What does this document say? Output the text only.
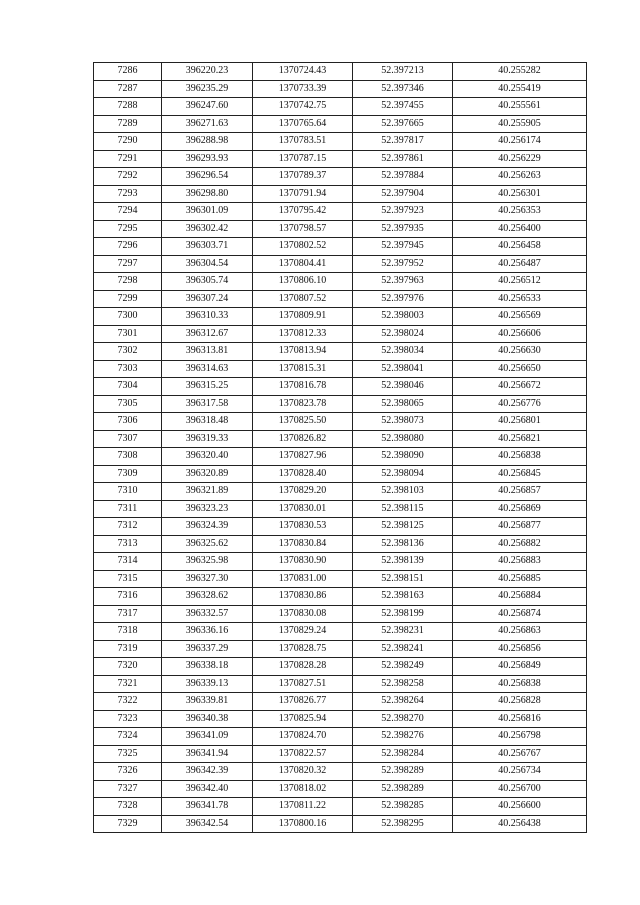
7286	396220.23	1370724.43	52.397213	40.255282
7287	396235.29	1370733.39	52.397346	40.255419
7288	396247.60	1370742.75	52.397455	40.255561
7289	396271.63	1370765.64	52.397665	40.255905
7290	396288.98	1370783.51	52.397817	40.256174
7291	396293.93	1370787.15	52.397861	40.256229
7292	396296.54	1370789.37	52.397884	40.256263
7293	396298.80	1370791.94	52.397904	40.256301
7294	396301.09	1370795.42	52.397923	40.256353
7295	396302.42	1370798.57	52.397935	40.256400
7296	396303.71	1370802.52	52.397945	40.256458
7297	396304.54	1370804.41	52.397952	40.256487
7298	396305.74	1370806.10	52.397963	40.256512
7299	396307.24	1370807.52	52.397976	40.256533
7300	396310.33	1370809.91	52.398003	40.256569
7301	396312.67	1370812.33	52.398024	40.256606
7302	396313.81	1370813.94	52.398034	40.256630
7303	396314.63	1370815.31	52.398041	40.256650
7304	396315.25	1370816.78	52.398046	40.256672
7305	396317.58	1370823.78	52.398065	40.256776
7306	396318.48	1370825.50	52.398073	40.256801
7307	396319.33	1370826.82	52.398080	40.256821
7308	396320.40	1370827.96	52.398090	40.256838
7309	396320.89	1370828.40	52.398094	40.256845
7310	396321.89	1370829.20	52.398103	40.256857
7311	396323.23	1370830.01	52.398115	40.256869
7312	396324.39	1370830.53	52.398125	40.256877
7313	396325.62	1370830.84	52.398136	40.256882
7314	396325.98	1370830.90	52.398139	40.256883
7315	396327.30	1370831.00	52.398151	40.256885
7316	396328.62	1370830.86	52.398163	40.256884
7317	396332.57	1370830.08	52.398199	40.256874
7318	396336.16	1370829.24	52.398231	40.256863
7319	396337.29	1370828.75	52.398241	40.256856
7320	396338.18	1370828.28	52.398249	40.256849
7321	396339.13	1370827.51	52.398258	40.256838
7322	396339.81	1370826.77	52.398264	40.256828
7323	396340.38	1370825.94	52.398270	40.256816
7324	396341.09	1370824.70	52.398276	40.256798
7325	396341.94	1370822.57	52.398284	40.256767
7326	396342.39	1370820.32	52.398289	40.256734
7327	396342.40	1370818.02	52.398289	40.256700
7328	396341.78	1370811.22	52.398285	40.256600
7329	396342.54	1370800.16	52.398295	40.256438
